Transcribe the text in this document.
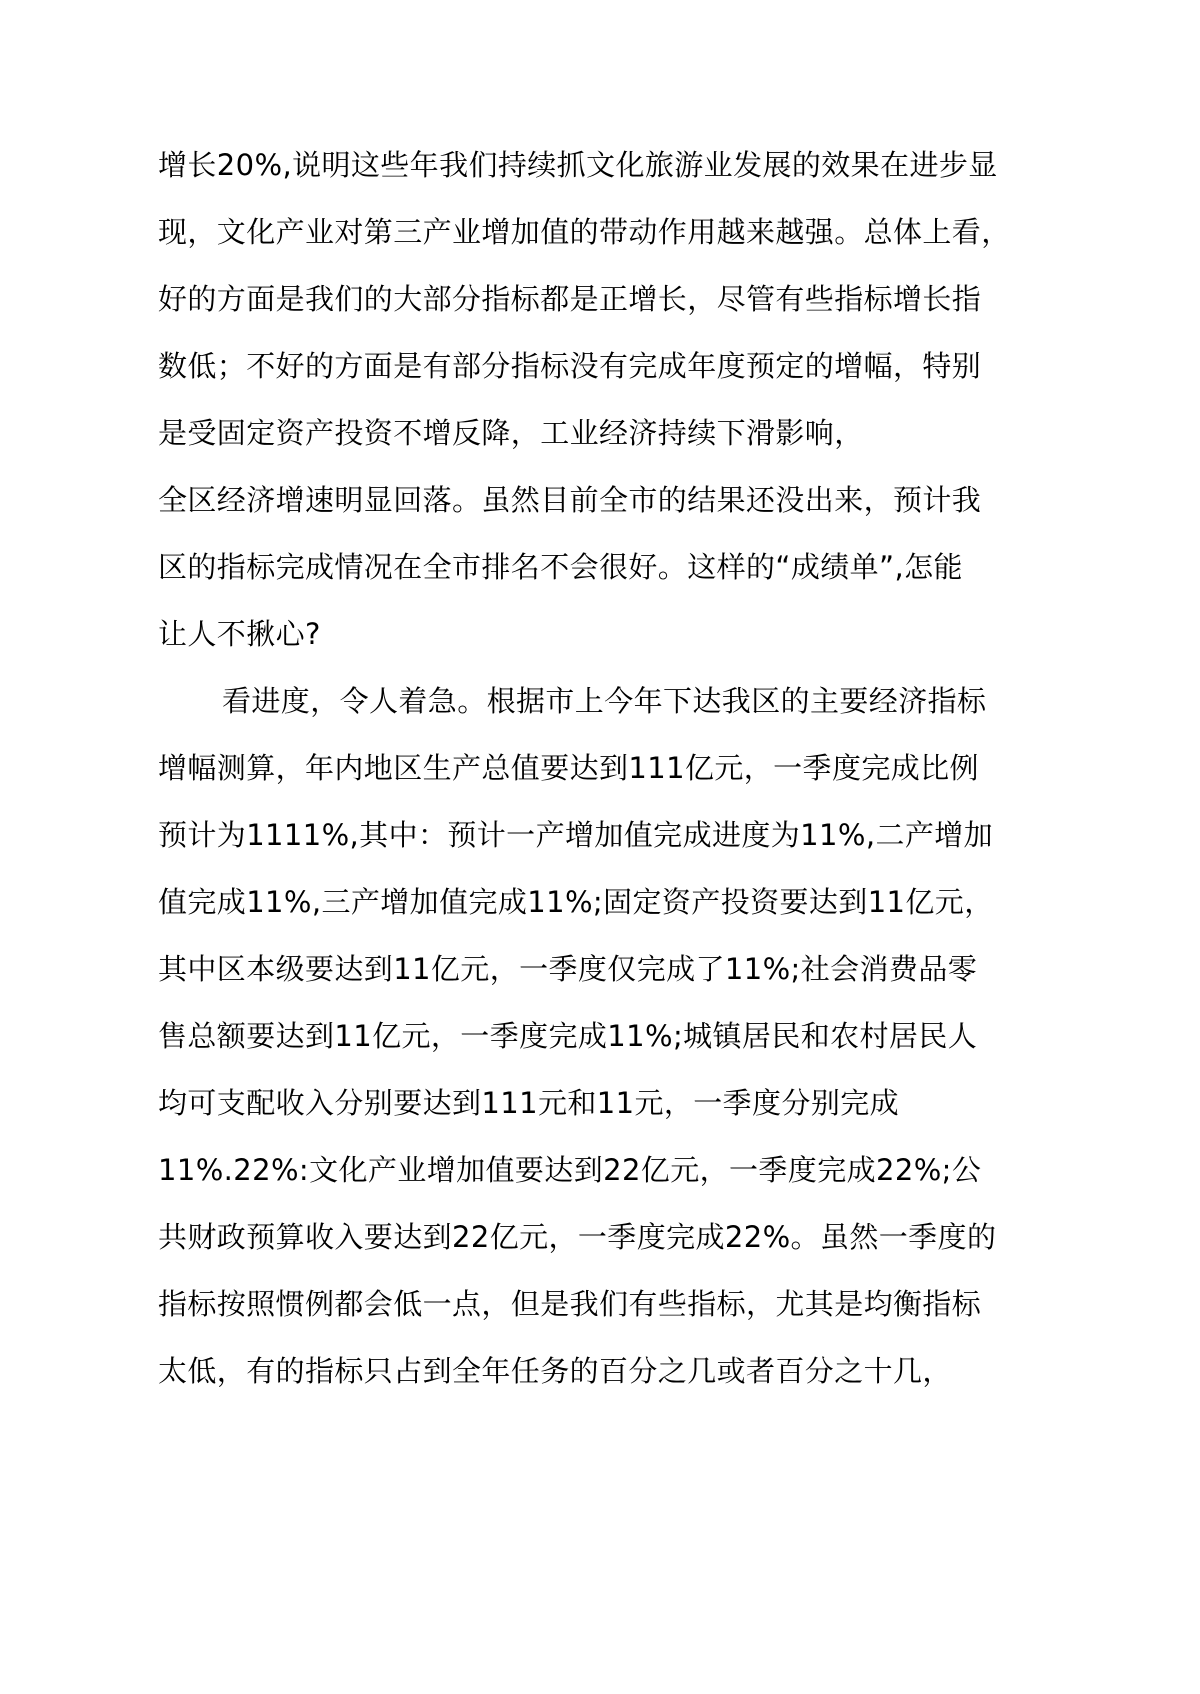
增长20%,说明这些年我们持续抓文化旅游业发展的效果在进步显
现，文化产业对第三产业增加值的带动作用越来越强。总体上看，
好的方面是我们的大部分指标都是正增长，尽管有些指标增长指
数低；不好的方面是有部分指标没有完成年度预定的增幅，特别
是受固定资产投资不增反降，工业经济持续下滑影响，
全区经济增速明显回落。虽然目前全市的结果还没出来，预计我
区的指标完成情况在全市排名不会很好。这样的“成绩单”,怎能
让人不揪心?
看进度，令人着急。根据市上今年下达我区的主要经济指标
增幅测算，年内地区生产总值要达到111亿元，一季度完成比例
预计为1111%,其中：预计一产增加值完成进度为11%,二产增加
值完成11%,三产增加值完成11%;固定资产投资要达到11亿元，
其中区本级要达到11亿元，一季度仅完成了11%;社会消费品零
售总额要达到11亿元，一季度完成11%;城镇居民和农村居民人
均可支配收入分别要达到111元和11元，一季度分别完成
11%.22%:文化产业增加值要达到22亿元，一季度完成22%;公
共财政预算收入要达到22亿元，一季度完成22%。虽然一季度的
指标按照惯例都会低一点，但是我们有些指标，尤其是均衡指标
太低，有的指标只占到全年任务的百分之几或者百分之十几，
